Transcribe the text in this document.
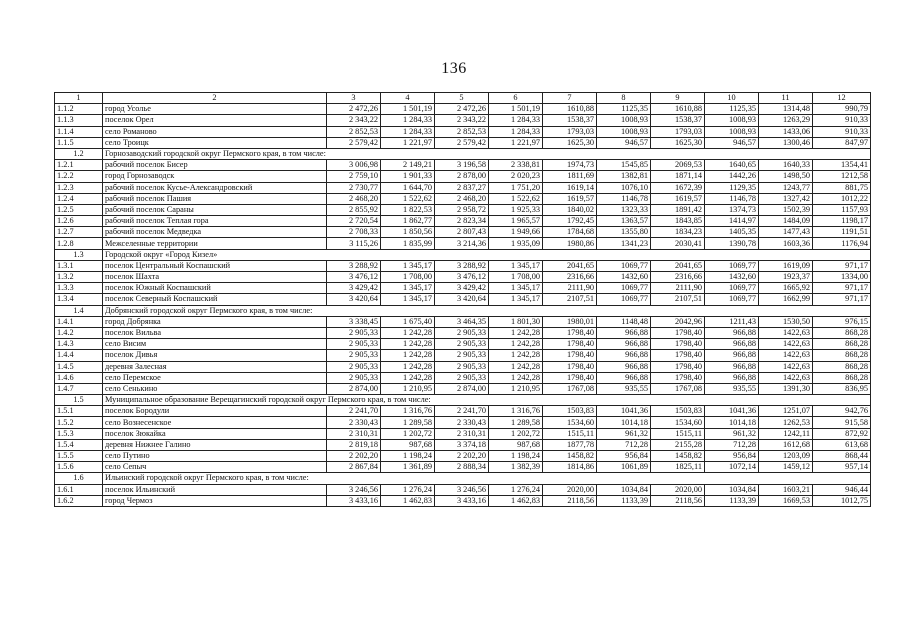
136
1	2	3	4	5	6	7	8	9	10	11	12
1.1.2	город Усолье	2 472,26	1 501,19	2 472,26	1 501,19	1610,88	1125,35	1610,88	1125,35	1314,48	990,79
1.1.3	поселок Орел	2 343,22	1 284,33	2 343,22	1 284,33	1538,37	1008,93	1538,37	1008,93	1263,29	910,33
1.1.4	село Романово	2 852,53	1 284,33	2 852,53	1 284,33	1793,03	1008,93	1793,03	1008,93	1433,06	910,33
1.1.5	село Троицк	2 579,42	1 221,97	2 579,42	1 221,97	1625,30	946,57	1625,30	946,57	1300,46	847,97
1.2	Горнозаводский городской округ Пермского края, в том числе:										
1.2.1	рабочий поселок Бисер	3 006,98	2 149,21	3 196,58	2 338,81	1974,73	1545,85	2069,53	1640,65	1640,33	1354,41
1.2.2	город Горнозаводск	2 759,10	1 901,33	2 878,00	2 020,23	1811,69	1382,81	1871,14	1442,26	1498,50	1212,58
1.2.3	рабочий поселок Кусье-Александровский	2 730,77	1 644,70	2 837,27	1 751,20	1619,14	1076,10	1672,39	1129,35	1243,77	881,75
1.2.4	рабочий поселок Пашия	2 468,20	1 522,62	2 468,20	1 522,62	1619,57	1146,78	1619,57	1146,78	1327,42	1012,22
1.2.5	рабочий поселок Сараны	2 855,92	1 822,53	2 958,72	1 925,33	1840,02	1323,33	1891,42	1374,73	1502,39	1157,93
1.2.6	рабочий поселок Теплая гора	2 720,54	1 862,77	2 823,34	1 965,57	1792,45	1363,57	1843,85	1414,97	1484,09	1198,17
1.2.7	рабочий поселок Медведка	2 708,33	1 850,56	2 807,43	1 949,66	1784,68	1355,80	1834,23	1405,35	1477,43	1191,51
1.2.8	Межселенные территории	3 115,26	1 835,99	3 214,36	1 935,09	1980,86	1341,23	2030,41	1390,78	1603,36	1176,94
1.3	Городской округ «Город Кизел»										
1.3.1	поселок Центральный Коспашский	3 288,92	1 345,17	3 288,92	1 345,17	2041,65	1069,77	2041,65	1069,77	1619,09	971,17
1.3.2	поселок Шахта	3 476,12	1 708,00	3 476,12	1 708,00	2316,66	1432,60	2316,66	1432,60	1923,37	1334,00
1.3.3	поселок Южный Коспашский	3 429,42	1 345,17	3 429,42	1 345,17	2111,90	1069,77	2111,90	1069,77	1665,92	971,17
1.3.4	поселок Северный Коспашский	3 420,64	1 345,17	3 420,64	1 345,17	2107,51	1069,77	2107,51	1069,77	1662,99	971,17
1.4	Добрянский городской округ Пермского края, в том числе:										
1.4.1	город Добрянка	3 338,45	1 675,40	3 464,35	1 801,30	1980,01	1148,48	2042,96	1211,43	1530,50	976,15
1.4.2	поселок Вильва	2 905,33	1 242,28	2 905,33	1 242,28	1798,40	966,88	1798,40	966,88	1422,63	868,28
1.4.3	село Висим	2 905,33	1 242,28	2 905,33	1 242,28	1798,40	966,88	1798,40	966,88	1422,63	868,28
1.4.4	поселок Дивья	2 905,33	1 242,28	2 905,33	1 242,28	1798,40	966,88	1798,40	966,88	1422,63	868,28
1.4.5	деревня Залесная	2 905,33	1 242,28	2 905,33	1 242,28	1798,40	966,88	1798,40	966,88	1422,63	868,28
1.4.6	село Перемское	2 905,33	1 242,28	2 905,33	1 242,28	1798,40	966,88	1798,40	966,88	1422,63	868,28
1.4.7	село Сенькино	2 874,00	1 210,95	2 874,00	1 210,95	1767,08	935,55	1767,08	935,55	1391,30	836,95
1.5	Муниципальное образование Верещагинский городской округ Пермского края, в том числе:										
1.5.1	поселок Бородули	2 241,70	1 316,76	2 241,70	1 316,76	1503,83	1041,36	1503,83	1041,36	1251,07	942,76
1.5.2	село Вознесенское	2 330,43	1 289,58	2 330,43	1 289,58	1534,60	1014,18	1534,60	1014,18	1262,53	915,58
1.5.3	поселок Зюкайка	2 310,31	1 202,72	2 310,31	1 202,72	1515,11	961,32	1515,11	961,32	1242,11	872,92
1.5.4	деревня Нижнее Галино	2 819,18	987,68	3 374,18	987,68	1877,78	712,28	2155,28	712,28	1612,68	613,68
1.5.5	село Путино	2 202,20	1 198,24	2 202,20	1 198,24	1458,82	956,84	1458,82	956,84	1203,09	868,44
1.5.6	село Сепыч	2 867,84	1 361,89	2 888,34	1 382,39	1814,86	1061,89	1825,11	1072,14	1459,12	957,14
1.6	Ильинский городской округ Пермского края, в том числе:										
1.6.1	поселок Ильинский	3 246,56	1 276,24	3 246,56	1 276,24	2020,00	1034,84	2020,00	1034,84	1603,21	946,44
1.6.2	город Чермоз	3 433,16	1 462,83	3 433,16	1 462,83	2118,56	1133,39	2118,56	1133,39	1669,53	1012,75
